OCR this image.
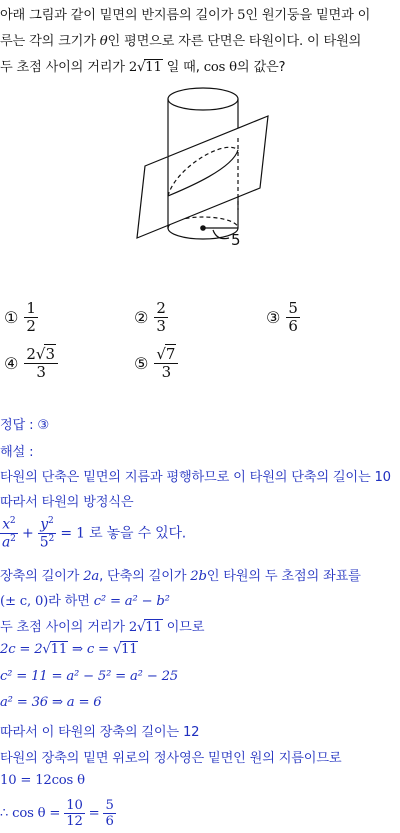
아래 그림과 같이 밑면의 반지름의 길이가 5인 원기둥을 밑면과 이
루는 각의 크기가 θ인 평면으로 자른 단면은 타원이다. 이 타원의
두 초점 사이의 거리가 2√11 일 때, cos θ의 값은?
5
① $\frac{1}{2}$	② $\frac{2}{3}$	③ $\frac{5}{6}$
④ $\frac{2√3}{3}$	⑤ $\frac{√7}{3}$
정답 : ③
해설 :
타원의 단축은 밑면의 지름과 평행하므로 이 타원의 단축의 길이는 10
따라서 타원의 방정식은
$\frac{x^2}{a^2} + \frac{y^2}{5^2} = 1$ 로 놓을 수 있다.
장축의 길이가 2a, 단축의 길이가 2b인 타원의 두 초점의 좌표를
(± c, 0)라 하면 c² = a² − b²
두 초점 사이의 거리가 2√11 이므로
2c = 2√11 ⇒ c = √11
c² = 11 = a² − 5² = a² − 25
a² = 36 ⇒ a = 6
따라서 이 타원의 장축의 길이는 12
타원의 장축의 밑면 위로의 정사영은 밑면인 원의 지름이므로
10 = 12cos θ
∴ $\cos \theta = \frac{10}{12} = \frac{5}{6}$
